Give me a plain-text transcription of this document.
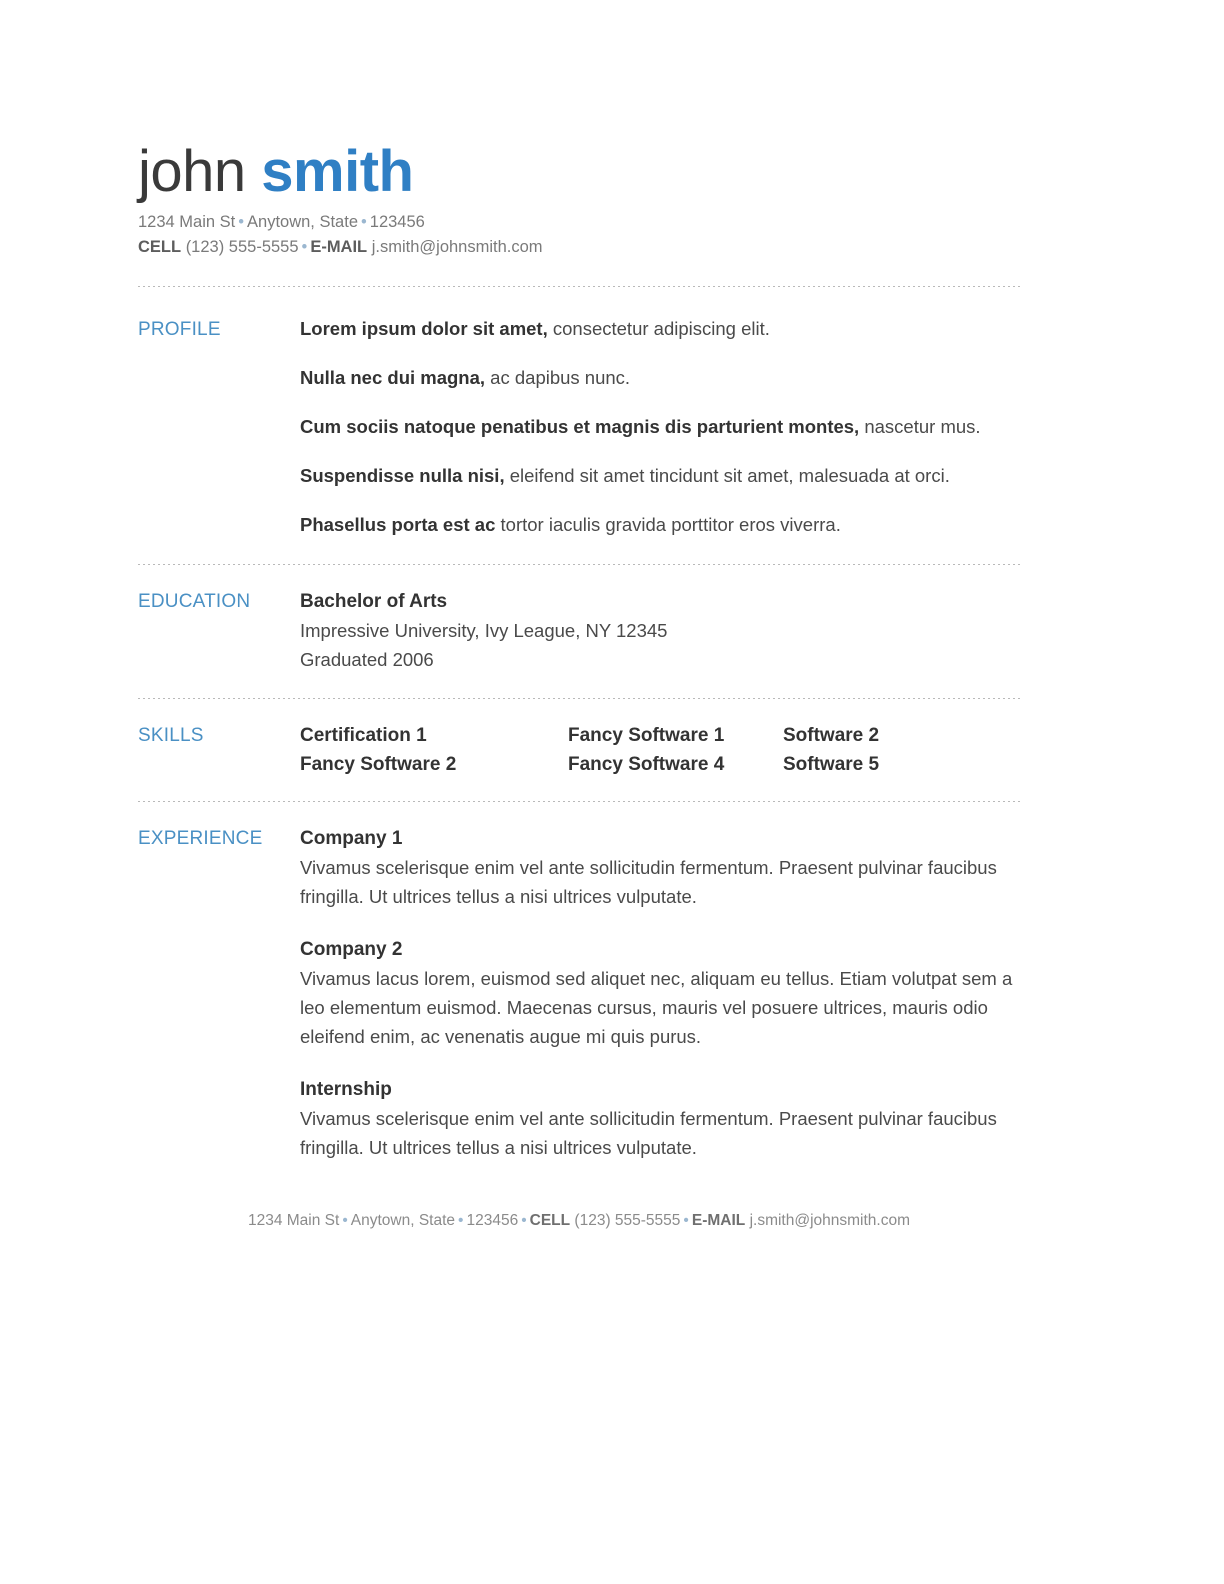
john smith
1234 Main St • Anytown, State • 123456
CELL (123) 555-5555 • E-MAIL j.smith@johnsmith.com
PROFILE	Lorem ipsum dolor sit amet, consectetur adipiscing elit.

Nulla nec dui magna, ac dapibus nunc.

Cum sociis natoque penatibus et magnis dis parturient montes, nascetur mus.

Suspendisse nulla nisi, eleifend sit amet tincidunt sit amet, malesuada at orci.

Phasellus porta est ac tortor iaculis gravida porttitor eros viverra.

EDUCATION	Bachelor of Arts

Impressive University, Ivy League, NY 12345

Graduated 2006

SKILLS	Certification 1	Fancy Software 1	Software 2
Fancy Software 2	Fancy Software 4	Software 5
EXPERIENCE	Company 1

Vivamus scelerisque enim vel ante sollicitudin fermentum. Praesent pulvinar faucibus fringilla. Ut ultrices tellus a nisi ultrices vulputate.

Company 2

Vivamus lacus lorem, euismod sed aliquet nec, aliquam eu tellus. Etiam volutpat sem a leo elementum euismod. Maecenas cursus, mauris vel posuere ultrices, mauris odio eleifend enim, ac venenatis augue mi quis purus.

Internship

Vivamus scelerisque enim vel ante sollicitudin fermentum. Praesent pulvinar faucibus fringilla. Ut ultrices tellus a nisi ultrices vulputate.

1234 Main St • Anytown, State • 123456 • CELL (123) 555-5555 • E-MAIL j.smith@johnsmith.com
